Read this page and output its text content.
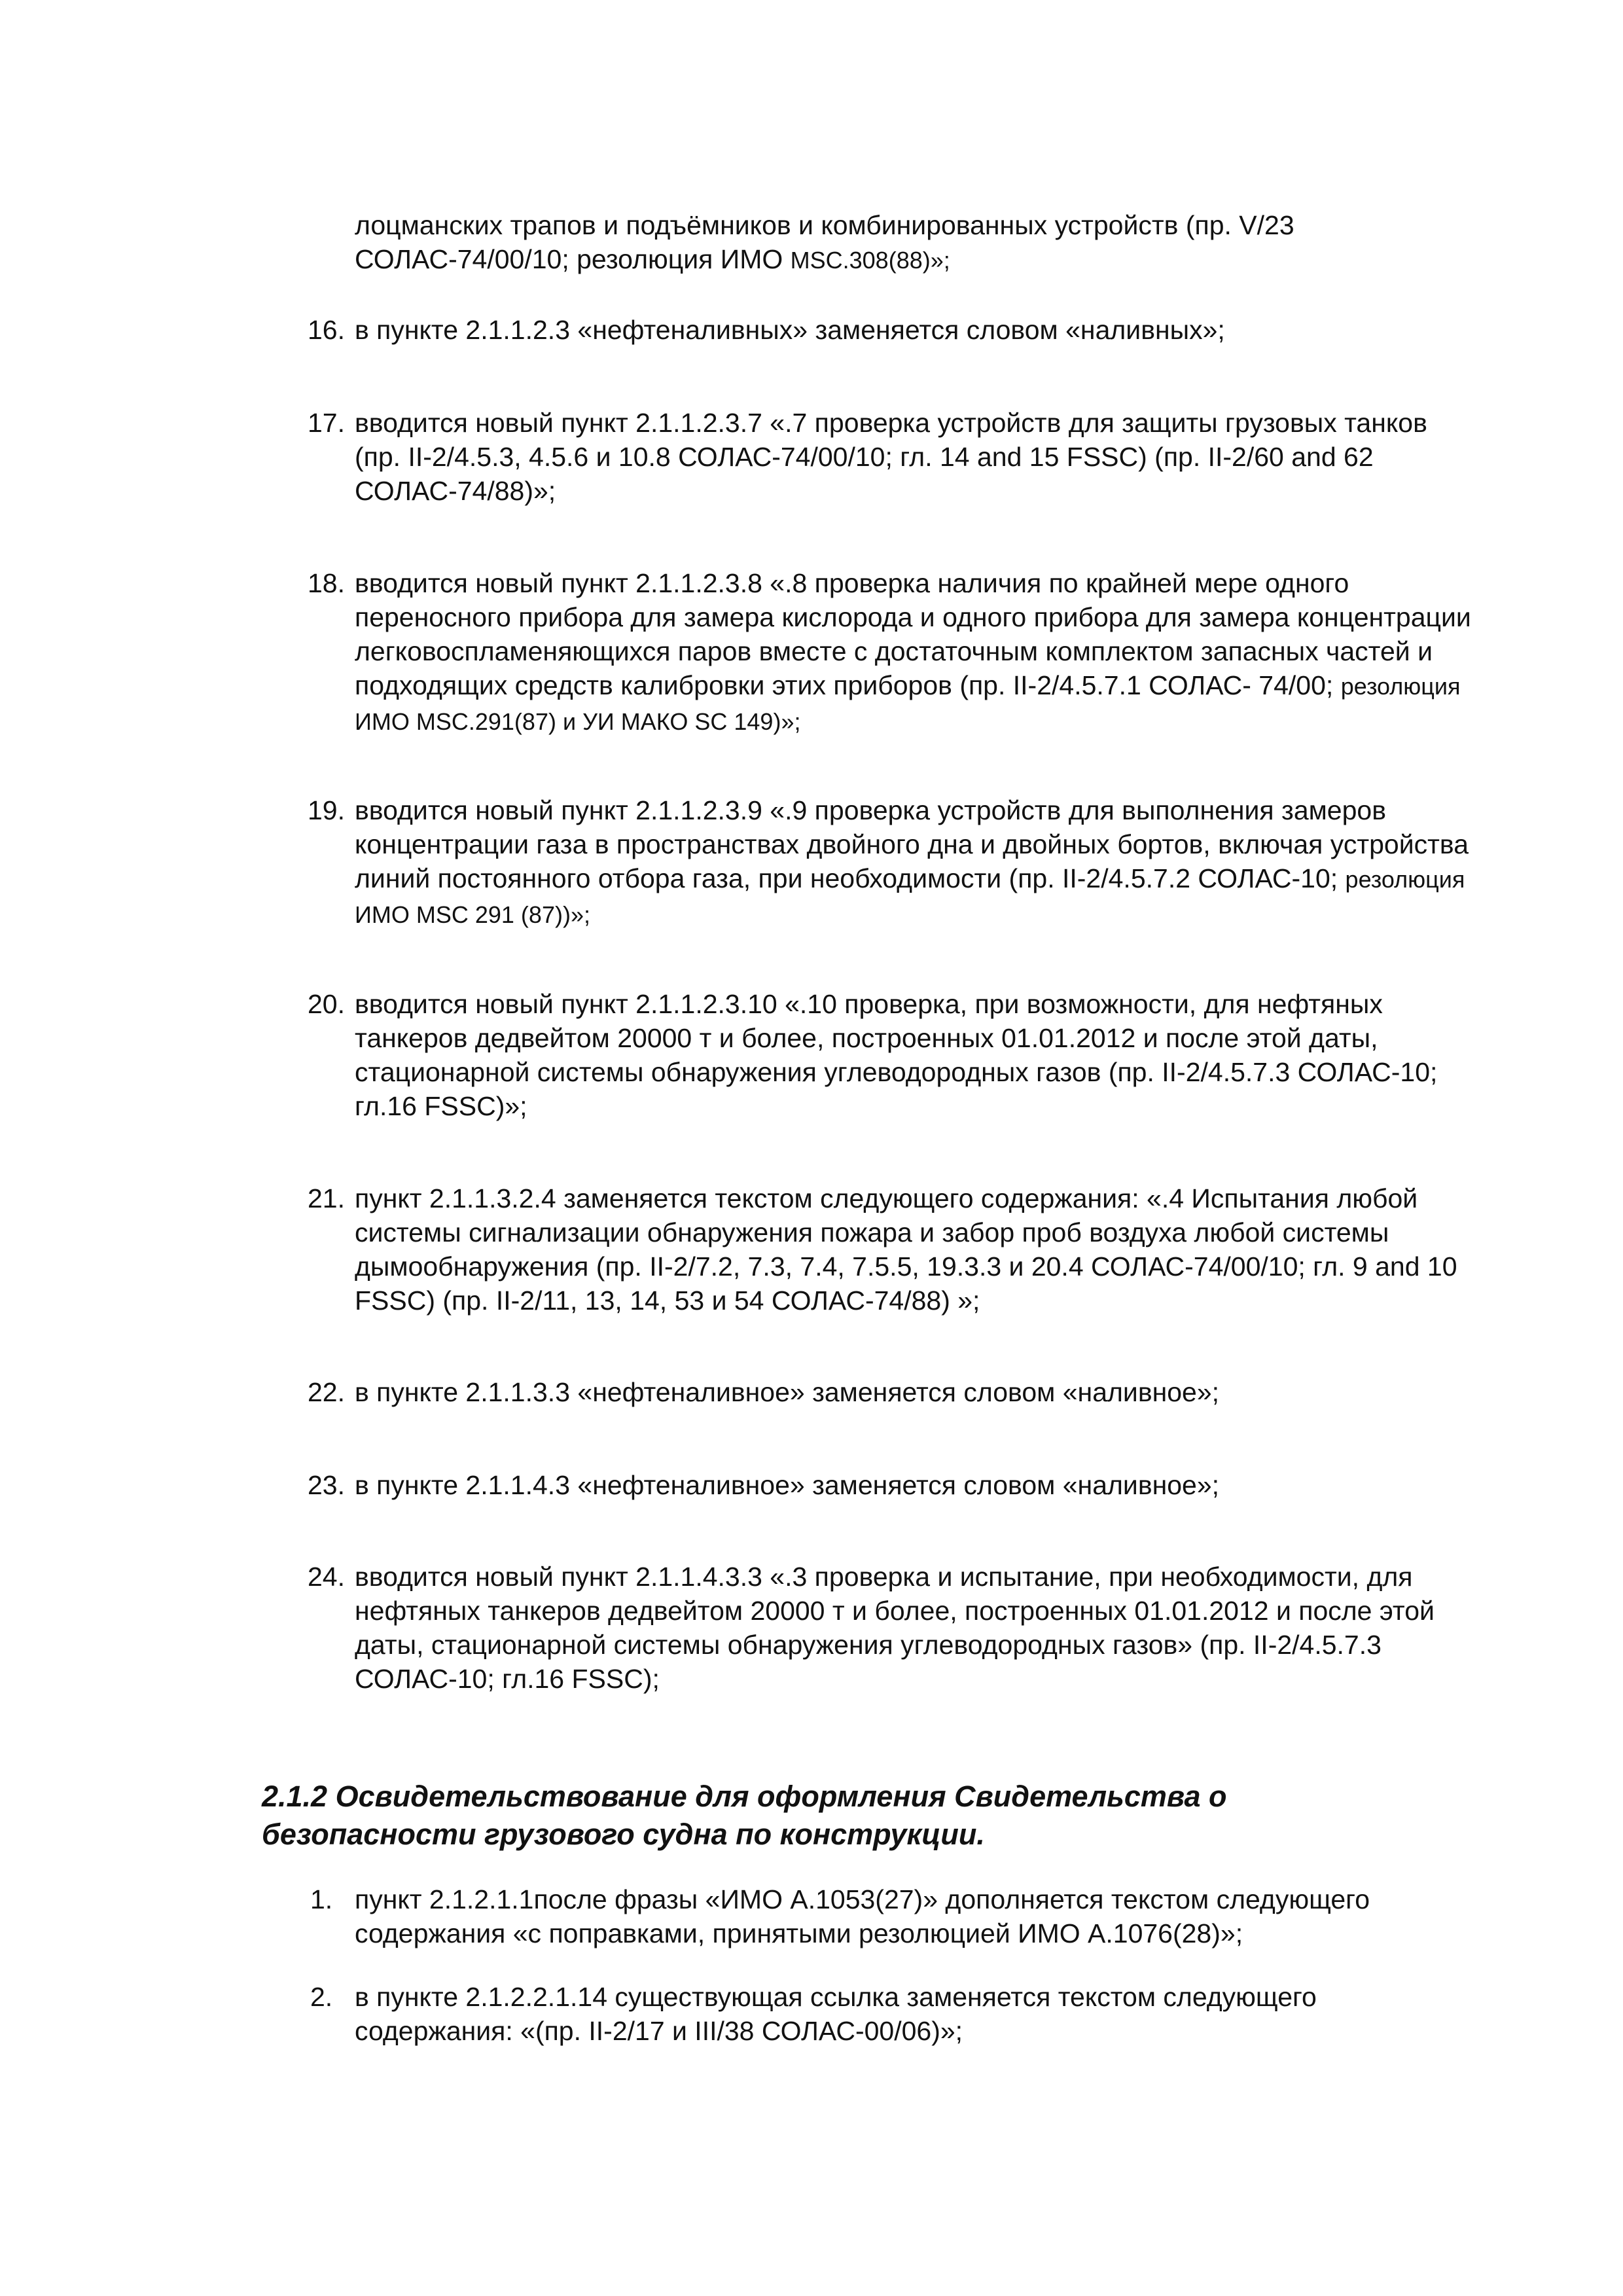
лоцманских трапов и подъёмников и комбинированных устройств (пр. V/23 СОЛАС-74/00/10; резолюция ИМО MSC.308(88)»;
16. в пункте 2.1.1.2.3 «нефтеналивных» заменяется словом «наливных»;
17. вводится новый пункт 2.1.1.2.3.7 «.7 проверка устройств для защиты грузовых танков (пр. II-2/4.5.3, 4.5.6 и 10.8 СОЛАС-74/00/10; гл. 14 and 15 FSSC) (пр. II-2/60 and 62 СОЛАС-74/88)»;
18. вводится новый пункт 2.1.1.2.3.8 «.8 проверка наличия по крайней мере одного переносного прибора для замера кислорода и одного прибора для замера концентрации легковоспламеняющихся паров вместе с достаточным комплектом запасных частей и подходящих средств калибровки этих приборов (пр. II-2/4.5.7.1 СОЛАС- 74/00; резолюция ИМО MSC.291(87) и УИ МАКО SC 149)»;
19. вводится новый пункт 2.1.1.2.3.9 «.9 проверка устройств для выполнения замеров концентрации газа в пространствах двойного дна и двойных бортов, включая устройства линий постоянного отбора газа, при необходимости (пр. II-2/4.5.7.2 СОЛАС-10; резолюция ИМО MSC 291 (87))»;
20. вводится новый пункт 2.1.1.2.3.10 «.10 проверка, при возможности, для нефтяных танкеров дедвейтом 20000 т и более, построенных 01.01.2012 и после этой даты, стационарной системы обнаружения углеводородных газов (пр. II-2/4.5.7.3 СОЛАС-10; гл.16 FSSC)»;
21. пункт 2.1.1.3.2.4 заменяется текстом следующего содержания: «.4 Испытания любой системы сигнализации обнаружения пожара и забор проб воздуха любой системы дымообнаружения (пр. II-2/7.2, 7.3, 7.4, 7.5.5, 19.3.3 и 20.4 СОЛАС-74/00/10; гл. 9 and 10 FSSC) (пр. II-2/11, 13, 14, 53 и 54 СОЛАС-74/88) »;
22. в пункте 2.1.1.3.3 «нефтеналивное» заменяется словом «наливное»;
23. в пункте 2.1.1.4.3 «нефтеналивное» заменяется словом «наливное»;
24. вводится новый пункт 2.1.1.4.3.3 «.3 проверка и испытание, при необходимости, для нефтяных танкеров дедвейтом 20000 т и более, построенных 01.01.2012 и после этой даты, стационарной системы обнаружения углеводородных газов» (пр. II-2/4.5.7.3 СОЛАС-10; гл.16 FSSC);
2.1.2 Освидетельствование для оформления Свидетельства о безопасности грузового судна по конструкции.
1. пункт 2.1.2.1.1после фразы «ИМО А.1053(27)» дополняется текстом следующего содержания «с поправками, принятыми резолюцией ИМО А.1076(28)»;
2. в пункте 2.1.2.2.1.14 существующая ссылка заменяется текстом следующего содержания: «(пр. II-2/17 и III/38 СОЛАС-00/06)»;
